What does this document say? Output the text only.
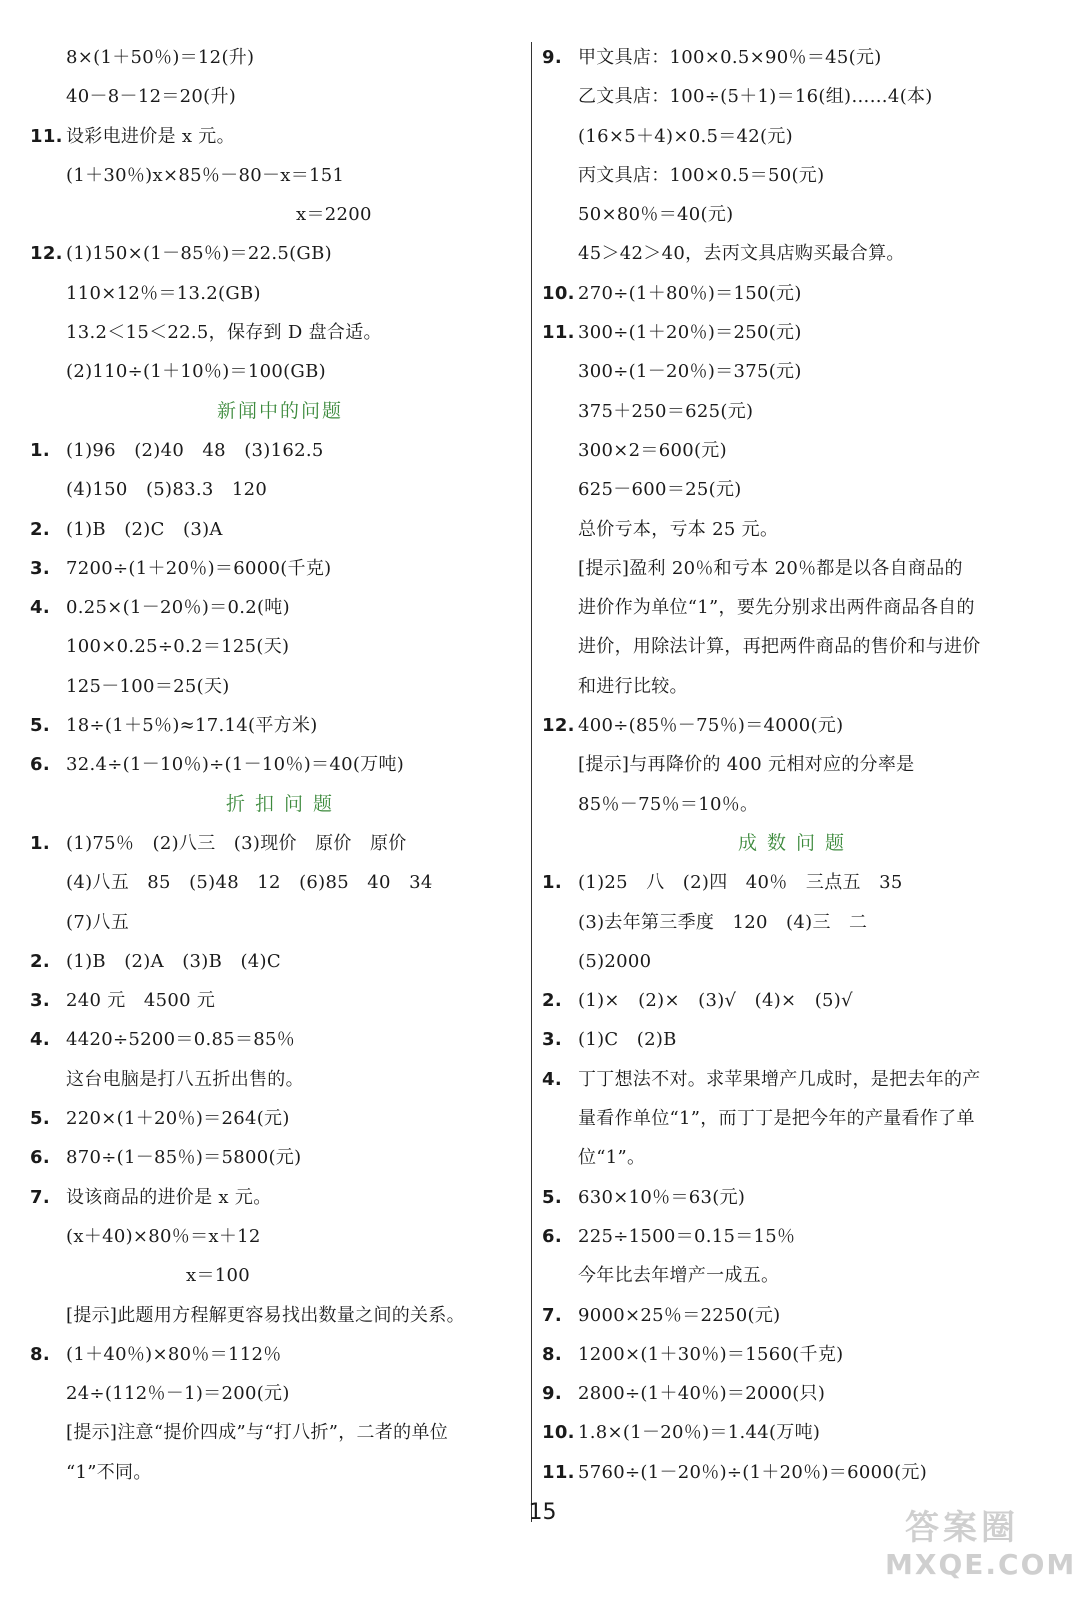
8×(1＋50％)＝12(升)
40－8－12＝20(升)
11. 设彩电进价是 x 元。
(1＋30％)x×85％－80－x＝151
x＝2200
12. (1)150×(1－85％)＝22.5(GB)
110×12％＝13.2(GB)
13.2＜15＜22.5，保存到 D 盘合适。
(2)110÷(1＋10％)＝100(GB)
新闻中的问题
1. (1)96　(2)40　48　(3)162.5
(4)150　(5)83.3　120
2. (1)B　(2)C　(3)A
3. 7200÷(1＋20％)＝6000(千克)
4. 0.25×(1－20％)＝0.2(吨)
100×0.25÷0.2＝125(天)
125－100＝25(天)
5. 18÷(1＋5％)≈17.14(平方米)
6. 32.4÷(1－10％)÷(1－10％)＝40(万吨)
折 扣 问 题
1. (1)75％　(2)八三　(3)现价　原价　原价
(4)八五　85　(5)48　12　(6)85　40　34
(7)八五
2. (1)B　(2)A　(3)B　(4)C
3. 240 元　4500 元
4. 4420÷5200＝0.85＝85％
这台电脑是打八五折出售的。
5. 220×(1＋20％)＝264(元)
6. 870÷(1－85％)＝5800(元)
7. 设该商品的进价是 x 元。
(x＋40)×80％＝x＋12
x＝100
[提示]此题用方程解更容易找出数量之间的关系。
8. (1＋40％)×80％＝112％
24÷(112％－1)＝200(元)
[提示]注意“提价四成”与“打八折”，二者的单位
“1”不同。
9. 甲文具店：100×0.5×90％＝45(元)
乙文具店：100÷(5＋1)＝16(组)……4(本)
(16×5＋4)×0.5＝42(元)
丙文具店：100×0.5＝50(元)
50×80％＝40(元)
45＞42＞40，去丙文具店购买最合算。
10. 270÷(1＋80％)＝150(元)
11. 300÷(1＋20％)＝250(元)
300÷(1－20％)＝375(元)
375＋250＝625(元)
300×2＝600(元)
625－600＝25(元)
总价亏本，亏本 25 元。
[提示]盈利 20％和亏本 20％都是以各自商品的
进价作为单位“1”，要先分别求出两件商品各自的
进价，用除法计算，再把两件商品的售价和与进价
和进行比较。
12. 400÷(85％－75％)＝4000(元)
[提示]与再降价的 400 元相对应的分率是
85％－75％＝10％。
成 数 问 题
1. (1)25　八　(2)四　40％　三点五　35
(3)去年第三季度　120　(4)三　二
(5)2000
2. (1)×　(2)×　(3)√　(4)×　(5)√
3. (1)C　(2)B
4. 丁丁想法不对。求苹果增产几成时，是把去年的产
量看作单位“1”，而丁丁是把今年的产量看作了单
位“1”。
5. 630×10％＝63(元)
6. 225÷1500＝0.15＝15％
今年比去年增产一成五。
7. 9000×25％＝2250(元)
8. 1200×(1＋30％)＝1560(千克)
9. 2800÷(1＋40％)＝2000(只)
10. 1.8×(1－20％)＝1.44(万吨)
11. 5760÷(1－20％)÷(1＋20％)＝6000(元)
15	答案圈
MXQE.COM
